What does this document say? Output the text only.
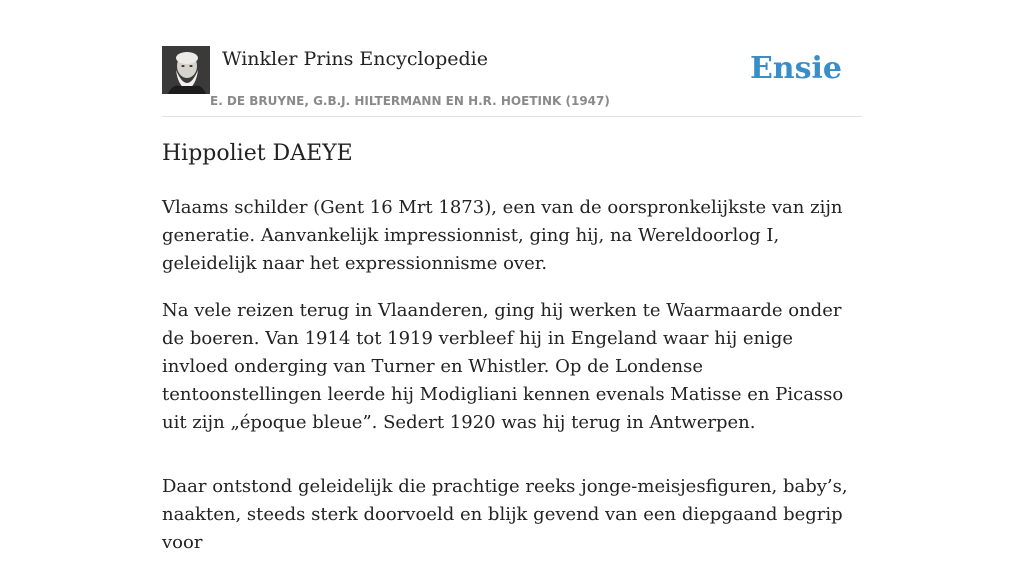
Winkler Prins Encyclopedie
E. DE BRUYNE, G.B.J. HILTERMANN EN H.R. HOETINK (1947)
Ensie
Hippoliet DAEYE

Vlaams schilder (Gent 16 Mrt 1873), een van de oorspronkelijkste van zijn generatie. Aanvankelijk impressionnist, ging hij, na Wereldoorlog I, geleidelijk naar het expressionnisme over.

Na vele reizen terug in Vlaanderen, ging hij werken te Waarmaarde onder de boeren. Van 1914 tot 1919 verbleef hij in Engeland waar hij enige invloed onderging van Turner en Whistler. Op de Londense tentoonstellingen leerde hij Modigliani kennen evenals Matisse en Picasso uit zijn „époque bleue”. Sedert 1920 was hij terug in Antwerpen.

Daar ontstond geleidelijk die prachtige reeks jonge-meisjesfiguren, baby’s, naakten, steeds sterk doorvoeld en blijk gevend van een diepgaand begrip voor
